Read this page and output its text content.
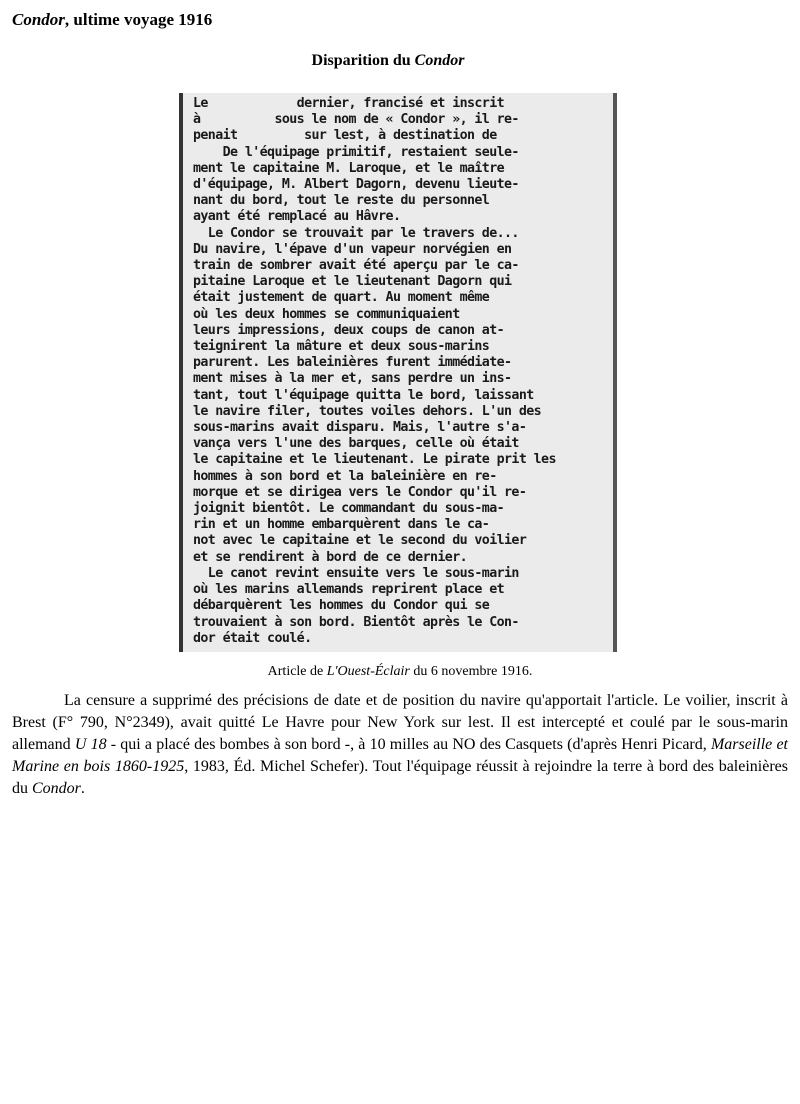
Condor, ultime voyage 1916
Disparition du Condor
Le            dernier, francisé et inscrit
à          sous le nom de « Condor », il re-
penait         sur lest, à destination de
De l'équipage primitif, restaient seule-
ment le capitaine M. Laroque, et le maître
d'équipage, M. Albert Dagorn, devenu lieute-
nant du bord, tout le reste du personnel
ayant été remplacé au Hâvre.
Le Condor se trouvait par le travers de...
Du navire, l'épave d'un vapeur norvégien en
train de sombrer avait été aperçu par le ca-
pitaine Laroque et le lieutenant Dagorn qui
était justement de quart. Au moment même
où les deux hommes se communiquaient
leurs impressions, deux coups de canon at-
teignirent la mâture et deux sous-marins
parurent. Les baleinières furent immédiate-
ment mises à la mer et, sans perdre un ins-
tant, tout l'équipage quitta le bord, laissant
le navire filer, toutes voiles dehors. L'un des
sous-marins avait disparu. Mais, l'autre s'a-
vança vers l'une des barques, celle où était
le capitaine et le lieutenant. Le pirate prit les
hommes à son bord et la baleinière en re-
morque et se dirigea vers le Condor qu'il re-
joignit bientôt. Le commandant du sous-ma-
rin et un homme embarquèrent dans le ca-
not avec le capitaine et le second du voilier
et se rendirent à bord de ce dernier.
Le canot revint ensuite vers le sous-marin
où les marins allemands reprirent place et
débarquèrent les hommes du Condor qui se
trouvaient à son bord. Bientôt après le Con-
dor était coulé.
Article de L'Ouest-Éclair du 6 novembre 1916.
La censure a supprimé des précisions de date et de position du navire qu'apportait l'article. Le voilier, inscrit à Brest (F° 790, N°2349), avait quitté Le Havre pour New York sur lest. Il est intercepté et coulé par le sous-marin allemand U 18 - qui a placé des bombes à son bord -, à 10 milles au NO des Casquets (d'après Henri Picard, Marseille et Marine en bois 1860-1925, 1983, Éd. Michel Schefer). Tout l'équipage réussit à rejoindre la terre à bord des baleinières du Condor.
